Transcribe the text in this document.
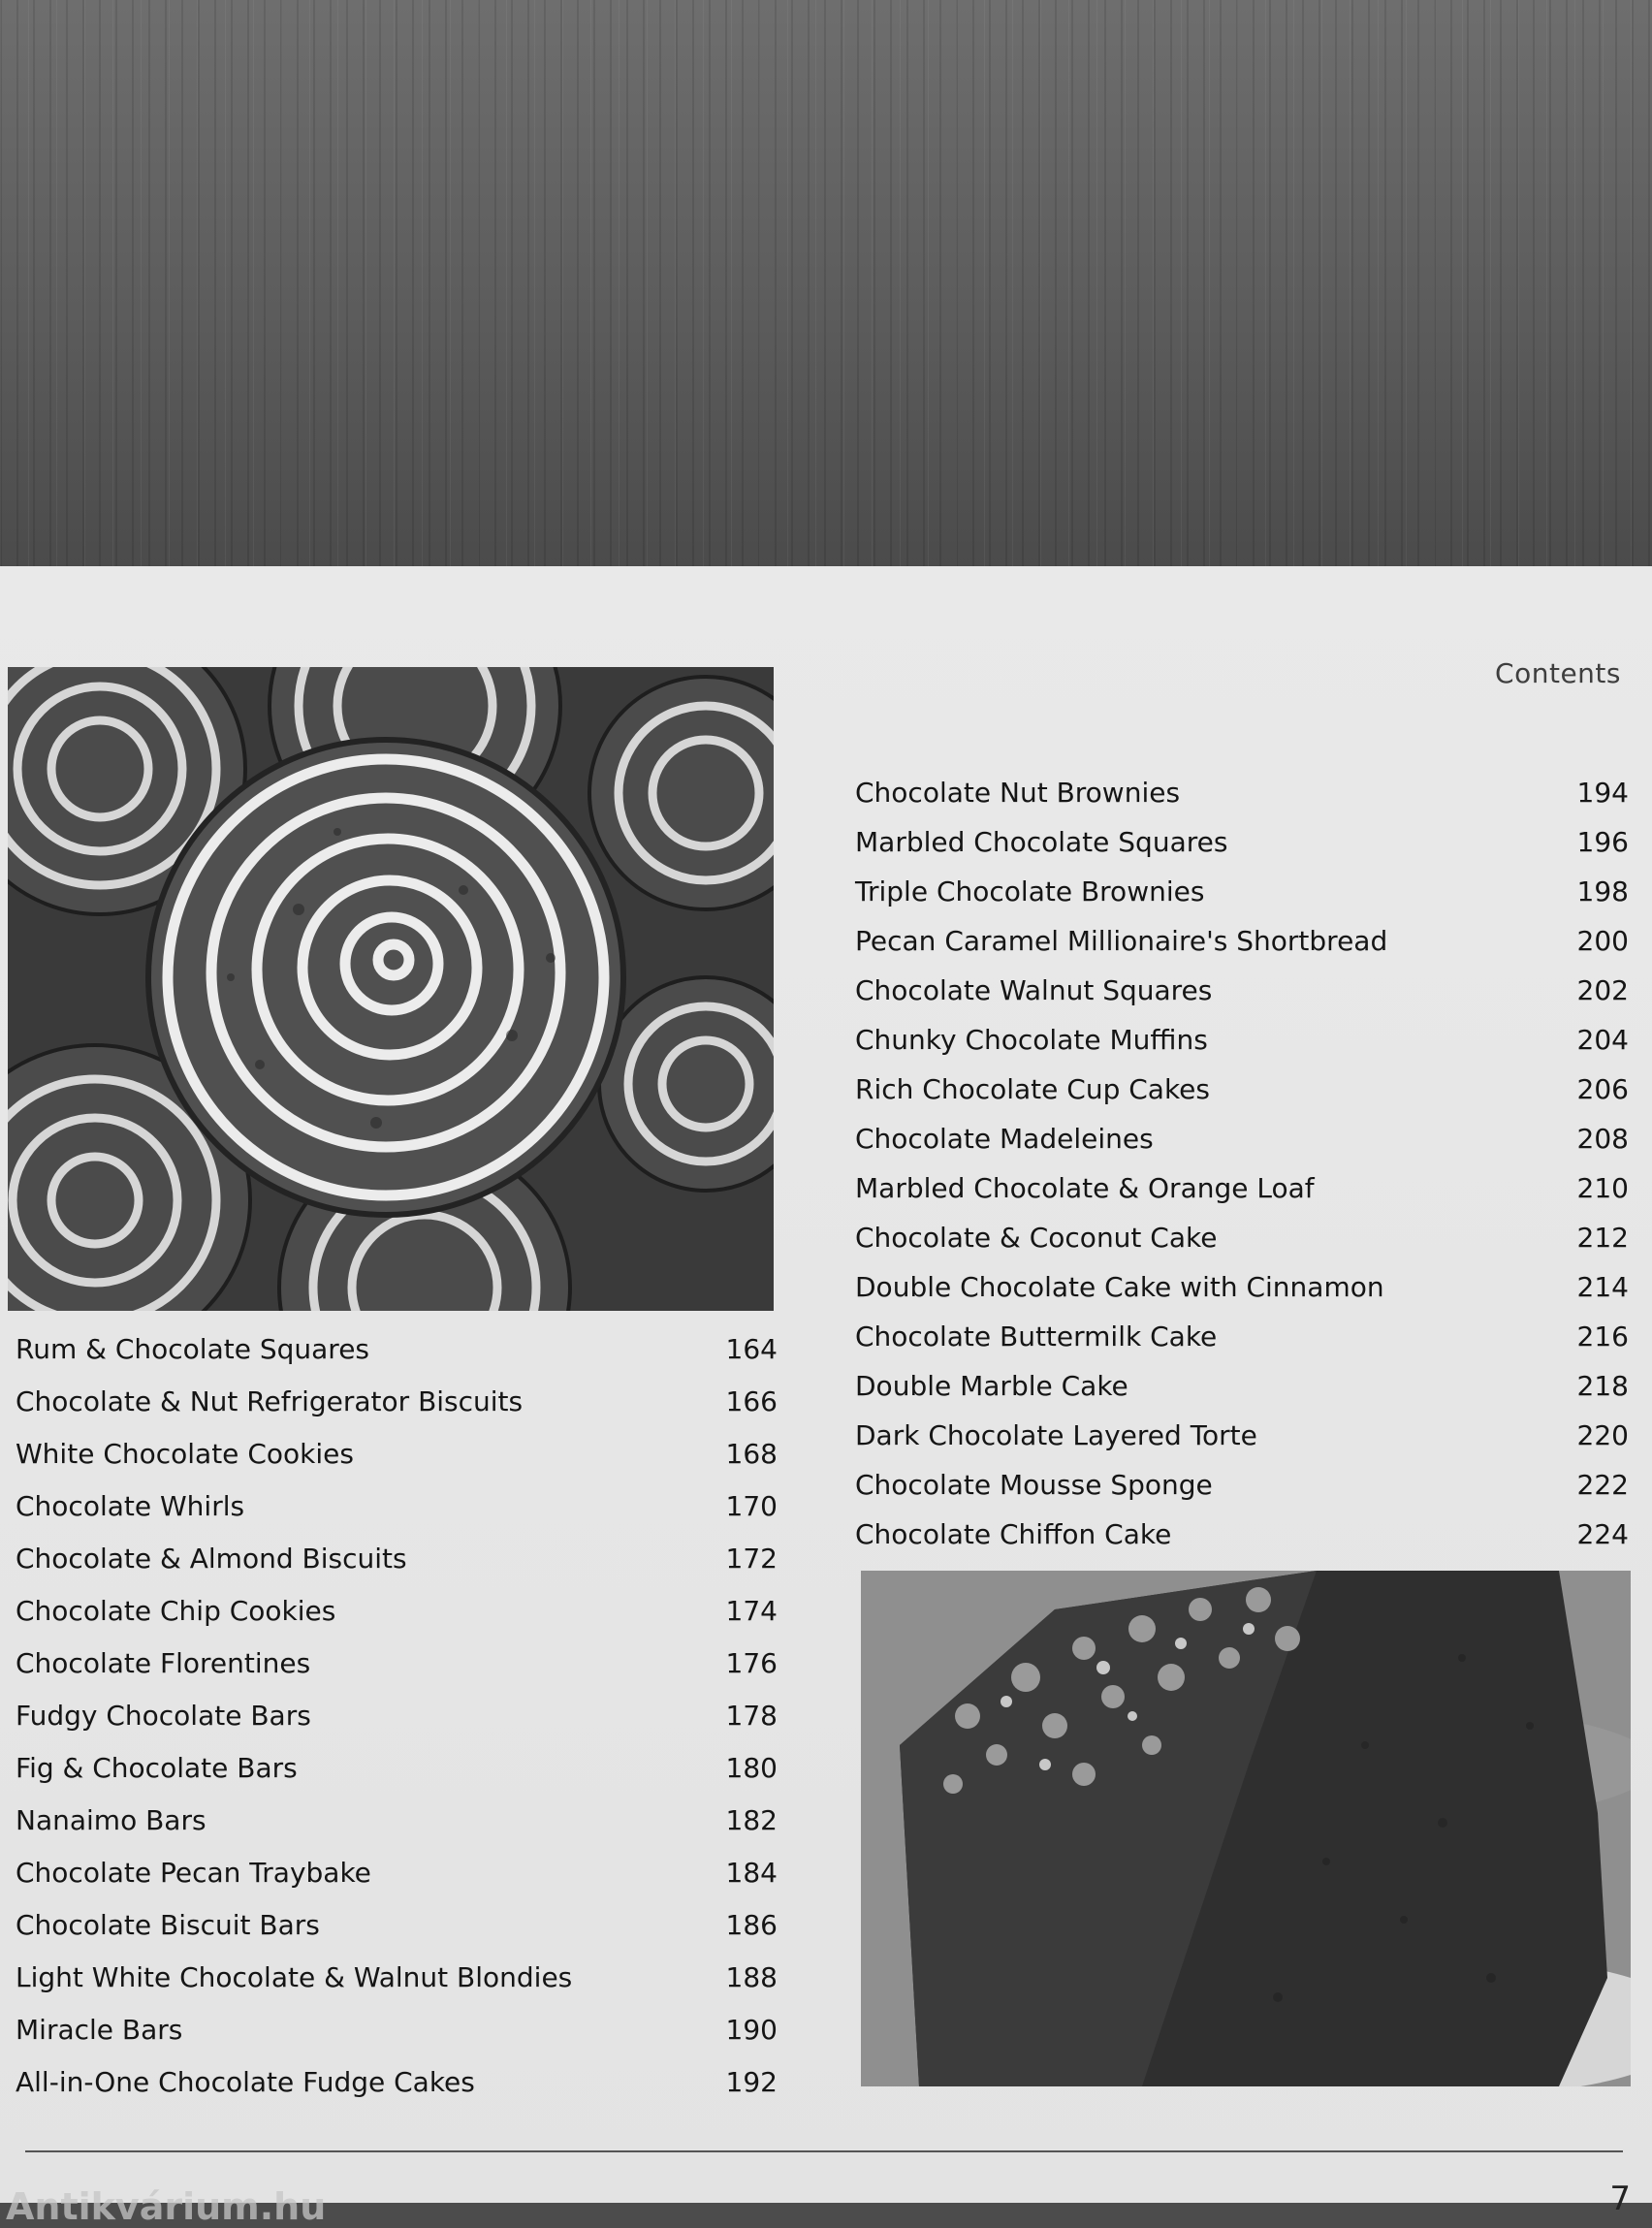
Contents
Rum & Chocolate Squares	164
Chocolate & Nut Refrigerator Biscuits	166
White Chocolate Cookies	168
Chocolate Whirls	170
Chocolate & Almond Biscuits	172
Chocolate Chip Cookies	174
Chocolate Florentines	176
Fudgy Chocolate Bars	178
Fig & Chocolate Bars	180
Nanaimo Bars	182
Chocolate Pecan Traybake	184
Chocolate Biscuit Bars	186
Light White Chocolate & Walnut Blondies	188
Miracle Bars	190
All-in-One Chocolate Fudge Cakes	192
Chocolate Nut Brownies	194
Marbled Chocolate Squares	196
Triple Chocolate Brownies	198
Pecan Caramel Millionaire's Shortbread	200
Chocolate Walnut Squares	202
Chunky Chocolate Muffins	204
Rich Chocolate Cup Cakes	206
Chocolate Madeleines	208
Marbled Chocolate & Orange Loaf	210
Chocolate & Coconut Cake	212
Double Chocolate Cake with Cinnamon	214
Chocolate Buttermilk Cake	216
Double Marble Cake	218
Dark Chocolate Layered Torte	220
Chocolate Mousse Sponge	222
Chocolate Chiffon Cake	224
Antikvárium.hu	7
